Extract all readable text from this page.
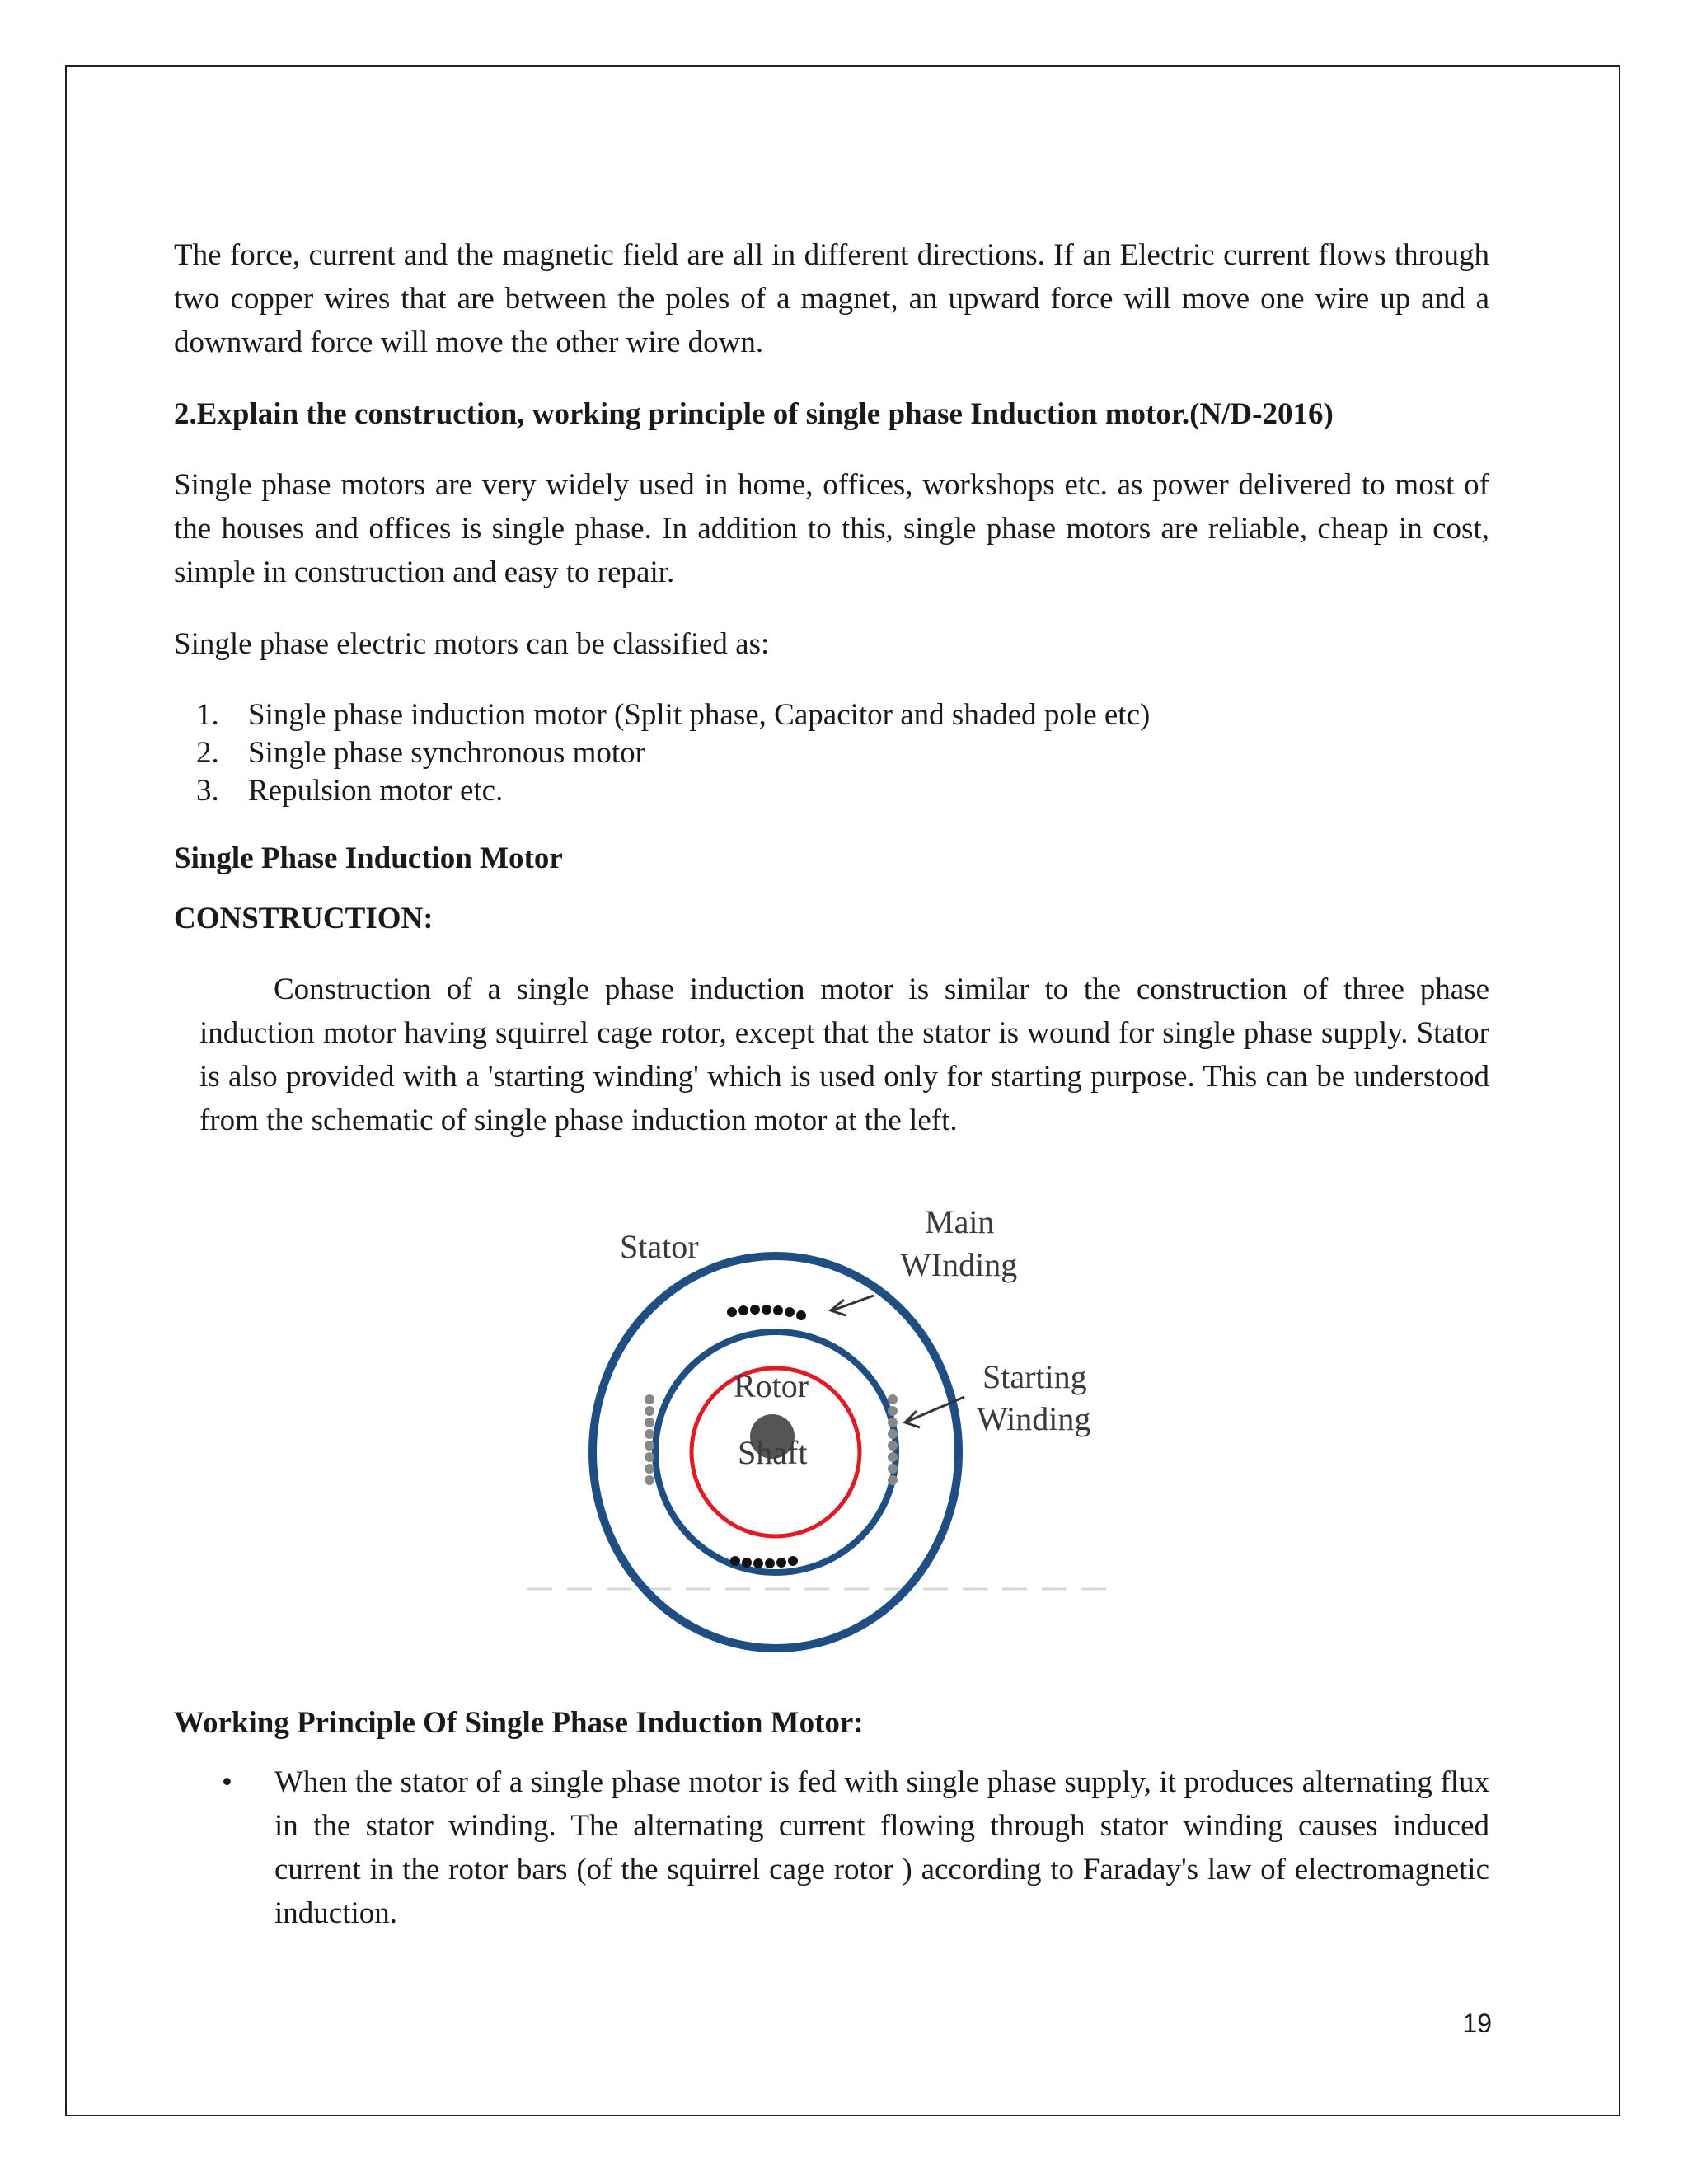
The force, current and the magnetic field are all in different directions. If an Electric current flows through two copper wires that are between the poles of a magnet, an upward force will move one wire up and a downward force will move the other wire down.

2.Explain the construction, working principle of single phase Induction motor.(N/D-2016)

Single phase motors are very widely used in home, offices, workshops etc. as power delivered to most of the houses and offices is single phase. In addition to this, single phase motors are reliable, cheap in cost, simple in construction and easy to repair.

Single phase electric motors can be classified as:

1. Single phase induction motor (Split phase, Capacitor and shaded pole etc)
2. Single phase synchronous motor
3. Repulsion motor etc.

Single Phase Induction Motor

CONSTRUCTION:

Construction of a single phase induction motor is similar to the construction of three phase induction motor having squirrel cage rotor, except that the stator is wound for single phase supply. Stator is also provided with a 'starting winding' which is used only for starting purpose. This can be understood from the schematic of single phase induction motor at the left.

Stator
Main
WInding
Starting
Winding
Rotor
Shaft

Working Principle Of Single Phase Induction Motor:

• When the stator of a single phase motor is fed with single phase supply, it produces alternating flux in the stator winding. The alternating current flowing through stator winding causes induced current in the rotor bars (of the squirrel cage rotor ) according to Faraday's law of electromagnetic induction.
19
